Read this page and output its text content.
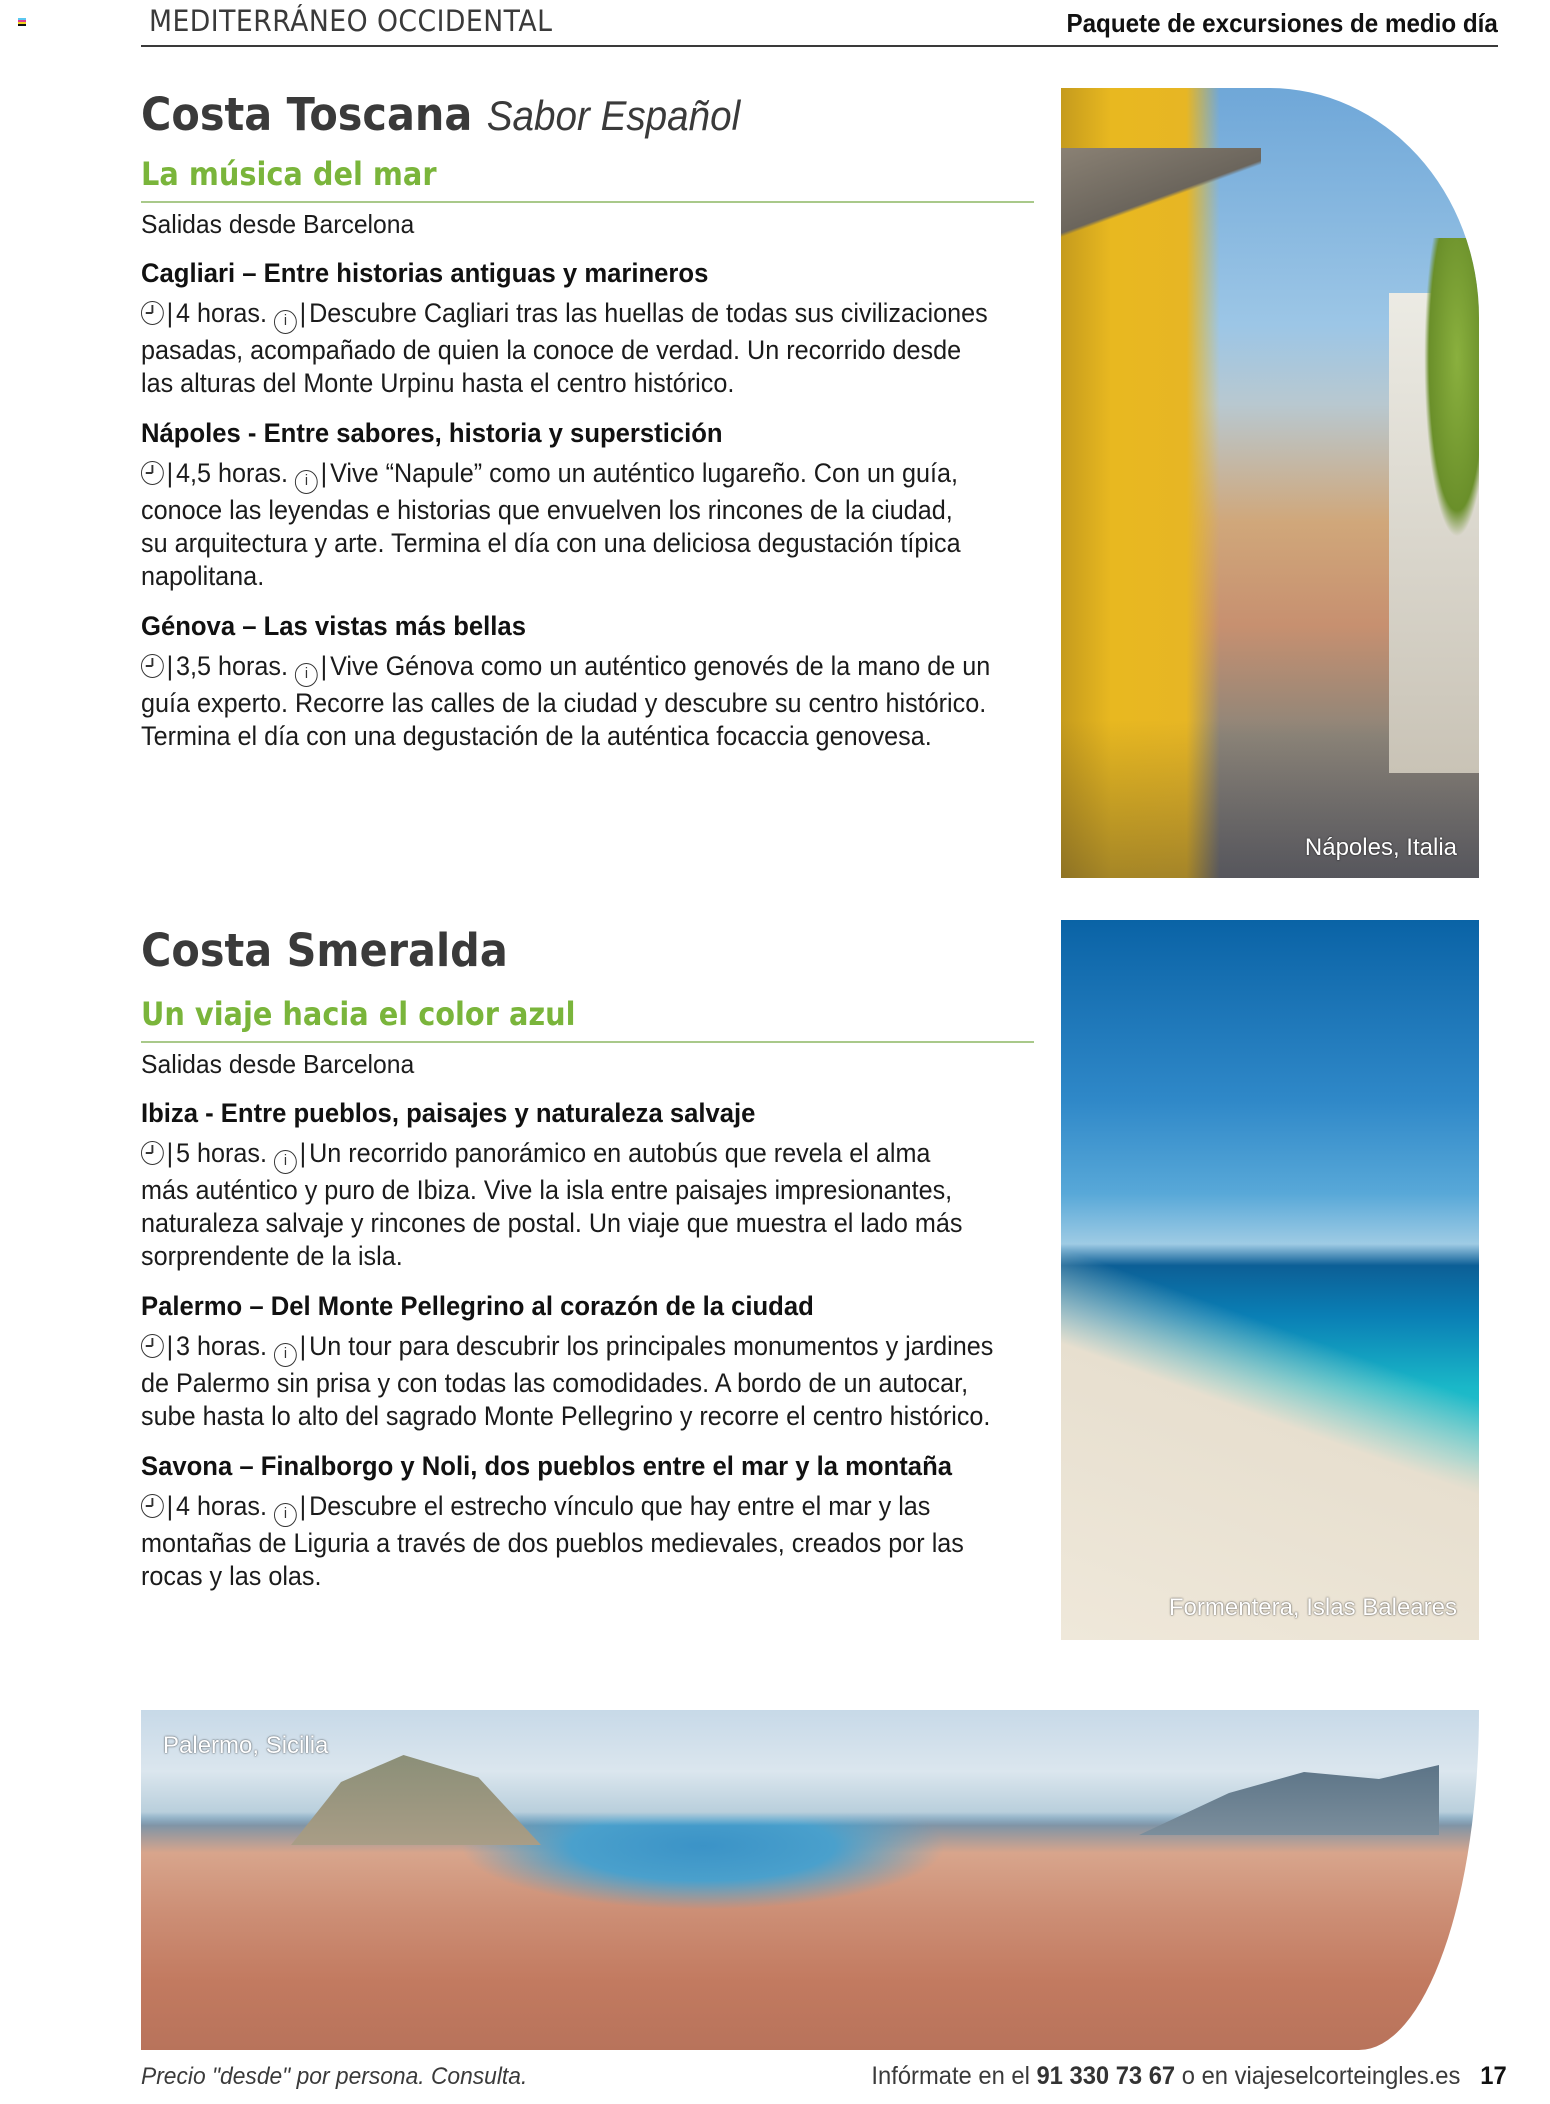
MEDITERRÁNEO OCCIDENTAL	Paquete de excursiones de medio día
Costa Toscana Sabor Español
La música del mar
Salidas desde Barcelona
Cagliari – Entre historias antiguas y marineros
| 4 horas. i | Descubre Cagliari tras las huellas de todas sus civilizaciones pasadas, acompañado de quien la conoce de verdad. Un recorrido desde las alturas del Monte Urpinu hasta el centro histórico.
Nápoles - Entre sabores, historia y superstición
| 4,5 horas. i | Vive “Napule” como un auténtico lugareño. Con un guía, conoce las leyendas e historias que envuelven los rincones de la ciudad, su arquitectura y arte. Termina el día con una deliciosa degustación típica napolitana.
Génova – Las vistas más bellas
| 3,5 horas. i | Vive Génova como un auténtico genovés de la mano de un guía experto. Recorre las calles de la ciudad y descubre su centro histórico. Termina el día con una degustación de la auténtica focaccia genovesa.
Costa Smeralda
Un viaje hacia el color azul
Salidas desde Barcelona
Ibiza - Entre pueblos, paisajes y naturaleza salvaje
| 5 horas. i | Un recorrido panorámico en autobús que revela el alma más auténtico y puro de Ibiza. Vive la isla entre paisajes impresionantes, naturaleza salvaje y rincones de postal. Un viaje que muestra el lado más sorprendente de la isla.
Palermo – Del Monte Pellegrino al corazón de la ciudad
| 3 horas. i | Un tour para descubrir los principales monumentos y jardines de Palermo sin prisa y con todas las comodidades. A bordo de un autocar, sube hasta lo alto del sagrado Monte Pellegrino y recorre el centro histórico.
Savona – Finalborgo y Noli, dos pueblos entre el mar y la montaña
| 4 horas. i | Descubre el estrecho vínculo que hay entre el mar y las montañas de Liguria a través de dos pueblos medievales, creados por las rocas y las olas.
Nápoles, Italia
Formentera, Islas Baleares
Palermo, Sicilia
Precio "desde" por persona. Consulta.	Infórmate en el 91 330 73 67 o en viajeselcorteingles.es 17
